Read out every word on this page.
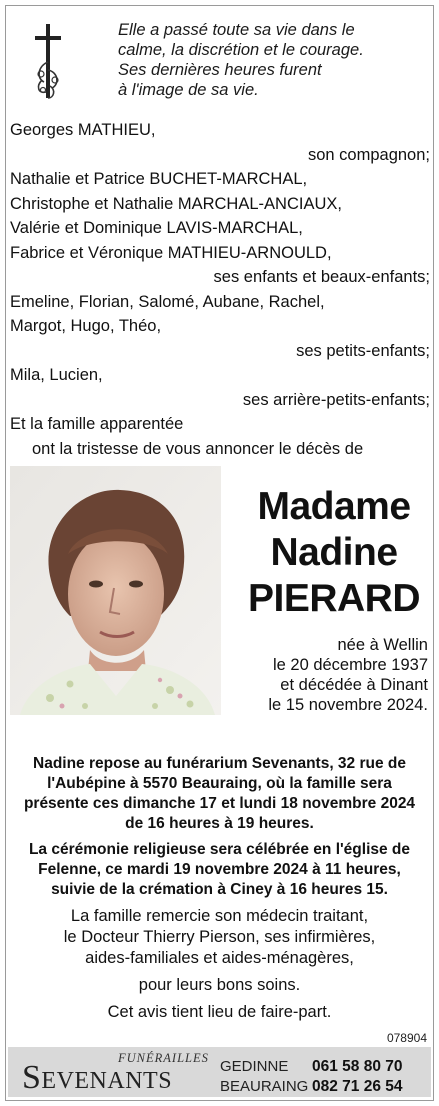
Elle a passé toute sa vie dans le
calme, la discrétion et le courage.
Ses dernières heures furent
à l'image de sa vie.
Georges MATHIEU,
son compagnon;
Nathalie et Patrice BUCHET-MARCHAL,
Christophe et Nathalie MARCHAL-ANCIAUX,
Valérie et Dominique LAVIS-MARCHAL,
Fabrice et Véronique MATHIEU-ARNOULD,
ses enfants et beaux-enfants;
Emeline, Florian, Salomé, Aubane, Rachel,
Margot, Hugo, Théo,
ses petits-enfants;
Mila, Lucien,
ses arrière-petits-enfants;
Et la famille apparentée
ont la tristesse de vous annoncer le décès de
Madame
Nadine
PIERARD
née à Wellin
le 20 décembre 1937
et décédée à Dinant
le 15 novembre 2024.

Nadine repose au funérarium Sevenants, 32 rue de
l'Aubépine à 5570 Beauraing, où la famille sera
présente ces dimanche 17 et lundi 18 novembre 2024
de 16 heures à 19 heures.

La cérémonie religieuse sera célébrée en l'église de
Felenne, ce mardi 19 novembre 2024 à 11 heures,
suivie de la crémation à Ciney à 16 heures 15.

La famille remercie son médecin traitant,
le Docteur Thierry Pierson, ses infirmières,
aides-familiales et aides-ménagères,

pour leurs bons soins.

Cet avis tient lieu de faire-part.

078904
FUNÉRAILLES
Sevenants	GEDINNE
BEAURAING
061 58 80 70
082 71 26 54
